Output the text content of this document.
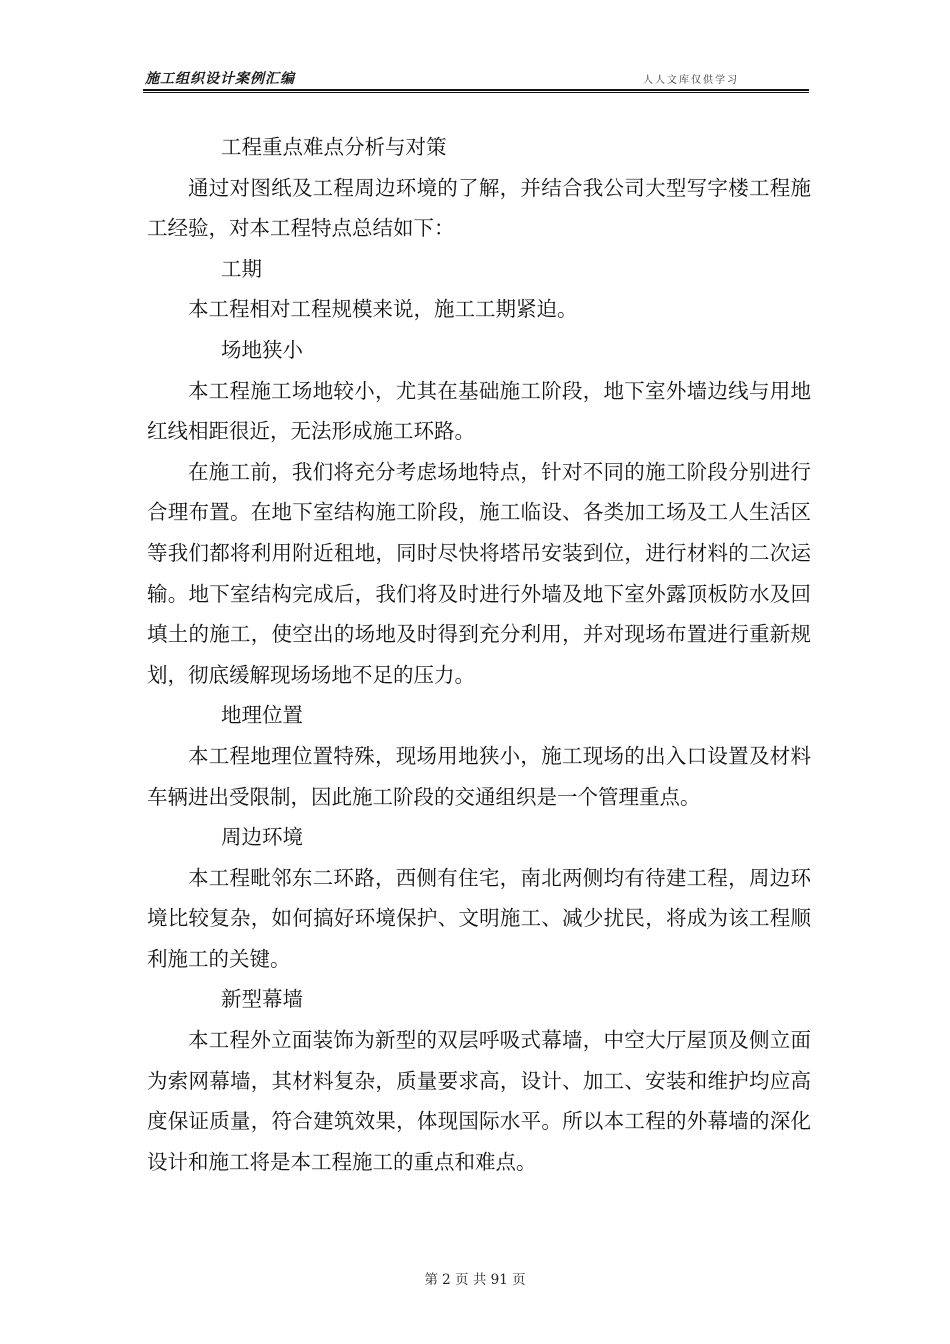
施工组织设计案例汇编	人人文库仅供学习

工程重点难点分析与对策

通过对图纸及工程周边环境的了解，并结合我公司大型写字楼工程施工经验，对本工程特点总结如下：

工期

本工程相对工程规模来说，施工工期紧迫。

场地狭小

本工程施工场地较小，尤其在基础施工阶段，地下室外墙边线与用地红线相距很近，无法形成施工环路。

在施工前，我们将充分考虑场地特点，针对不同的施工阶段分别进行合理布置。在地下室结构施工阶段，施工临设、各类加工场及工人生活区等我们都将利用附近租地，同时尽快将塔吊安装到位，进行材料的二次运输。地下室结构完成后，我们将及时进行外墙及地下室外露顶板防水及回填土的施工，使空出的场地及时得到充分利用，并对现场布置进行重新规划，彻底缓解现场场地不足的压力。

地理位置

本工程地理位置特殊，现场用地狭小，施工现场的出入口设置及材料车辆进出受限制，因此施工阶段的交通组织是一个管理重点。

周边环境

本工程毗邻东二环路，西侧有住宅，南北两侧均有待建工程，周边环境比较复杂，如何搞好环境保护、文明施工、减少扰民，将成为该工程顺利施工的关键。

新型幕墙

本工程外立面装饰为新型的双层呼吸式幕墙，中空大厅屋顶及侧立面为索网幕墙，其材料复杂，质量要求高，设计、加工、安装和维护均应高度保证质量，符合建筑效果，体现国际水平。所以本工程的外幕墙的深化设计和施工将是本工程施工的重点和难点。

第 2 页 共 91 页
